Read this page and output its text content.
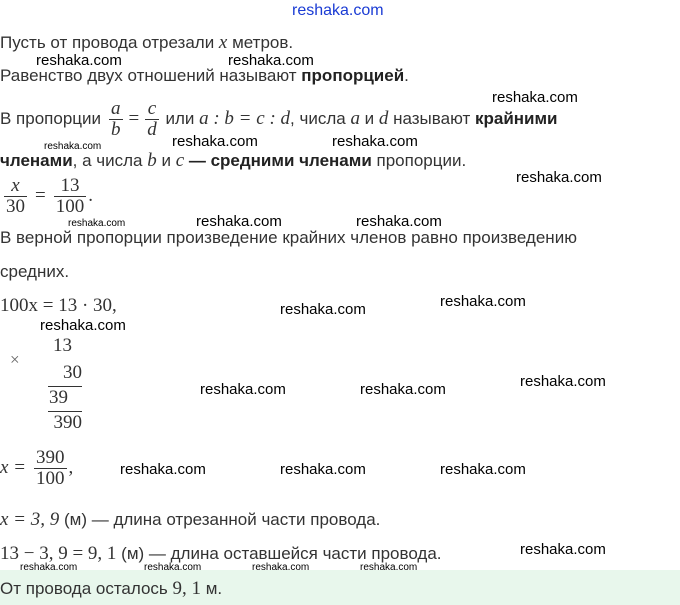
reshaka.com
Пусть от провода отрезали x метров.
Равенство двух отношений называют пропорцией.
В пропорции $\frac{a}{b} = \frac{c}{d}$ или a : b = c : d , числа a и d называют крайними
членами, а числа b и c — средними членами пропорции.
$\frac{x}{30} = \frac{13}{100}$ .
В верной пропорции произведение крайних членов равно произведению
средних.
100x = 13 · 30,
×
13
30
39
390
$x = \frac{390}{100}$ ,
x = 3, 9 (м) — длина отрезанной части провода.
13 − 3, 9 = 9, 1 (м) — длина оставшейся части провода.
От провода осталось 9, 1 м.
reshaka.com	reshaka.com
reshaka.com
reshaka.com	reshaka.com
reshaka.com
reshaka.com
reshaka.com	reshaka.com	reshaka.com
reshaka.com
reshaka.com
reshaka.com
reshaka.com
reshaka.com	reshaka.com
reshaka.com	reshaka.com	reshaka.com
reshaka.com
reshaka.com	reshaka.com	reshaka.com	reshaka.com
